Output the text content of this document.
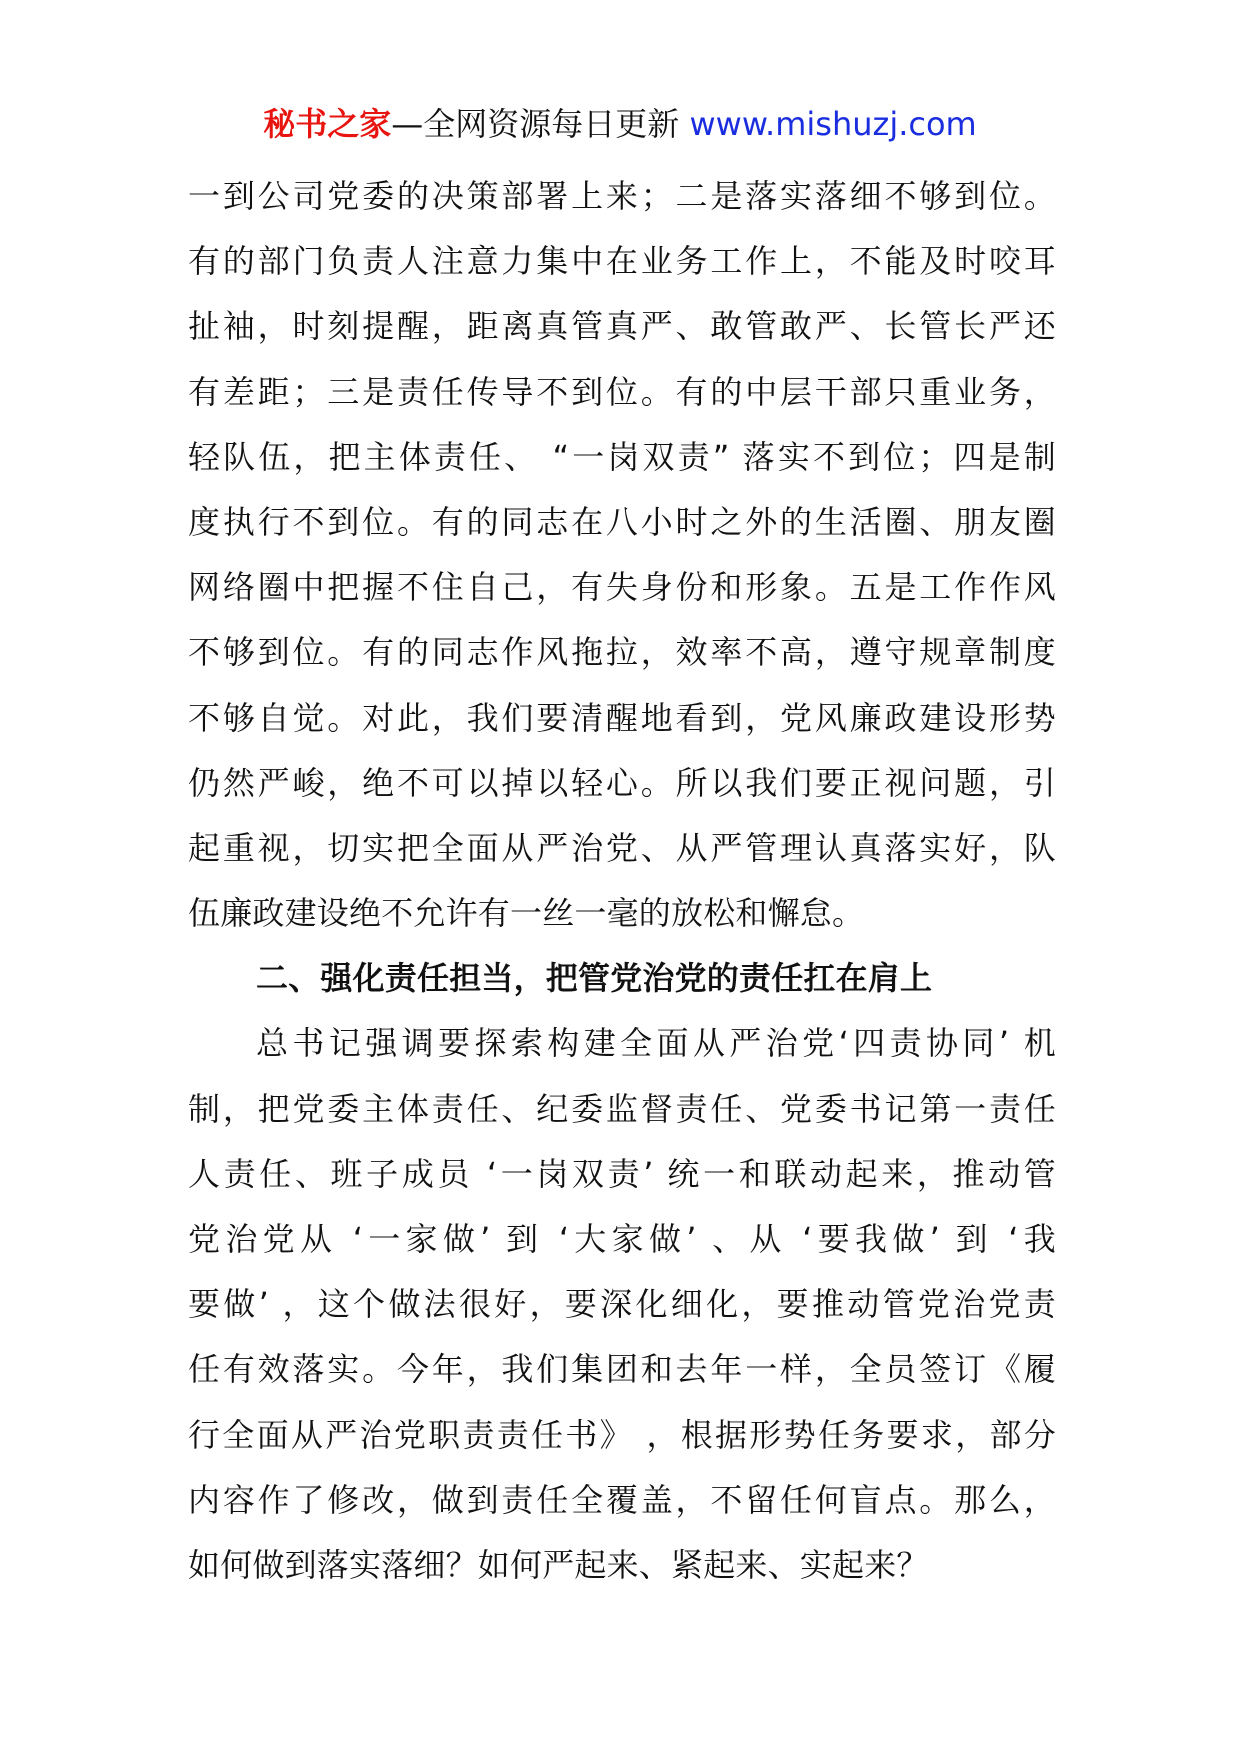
秘书之家—全网资源每日更新 www.mishuzj.com
一到公司党委的决策部署上来；二是落实落细不够到位。
有的部门负责人注意力集中在业务工作上，不能及时咬耳
扯袖，时刻提醒，距离真管真严、敢管敢严、长管长严还
有差距；三是责任传导不到位。有的中层干部只重业务，
轻队伍，把主体责任、 “一岗双责” 落实不到位；四是制
度执行不到位。有的同志在八小时之外的生活圈、朋友圈
网络圈中把握不住自己，有失身份和形象。五是工作作风
不够到位。有的同志作风拖拉，效率不高，遵守规章制度
不够自觉。对此，我们要清醒地看到，党风廉政建设形势
仍然严峻，绝不可以掉以轻心。所以我们要正视问题，引
起重视，切实把全面从严治党、从严管理认真落实好，队
伍廉政建设绝不允许有一丝一毫的放松和懈怠。
二、强化责任担当，把管党治党的责任扛在肩上
总书记强调要探索构建全面从严治党‘四责协同’ 机
制，把党委主体责任、纪委监督责任、党委书记第一责任
人责任、班子成员 ‘一岗双责’ 统一和联动起来，推动管
党治党从 ‘一家做’ 到 ‘大家做’ 、从 ‘要我做’ 到 ‘我
要做’ ，这个做法很好，要深化细化，要推动管党治党责
任有效落实。今年，我们集团和去年一样，全员签订《履
行全面从严治党职责责任书》 ，根据形势任务要求，部分
内容作了修改，做到责任全覆盖，不留任何盲点。那么，
如何做到落实落细？如何严起来、紧起来、实起来？
